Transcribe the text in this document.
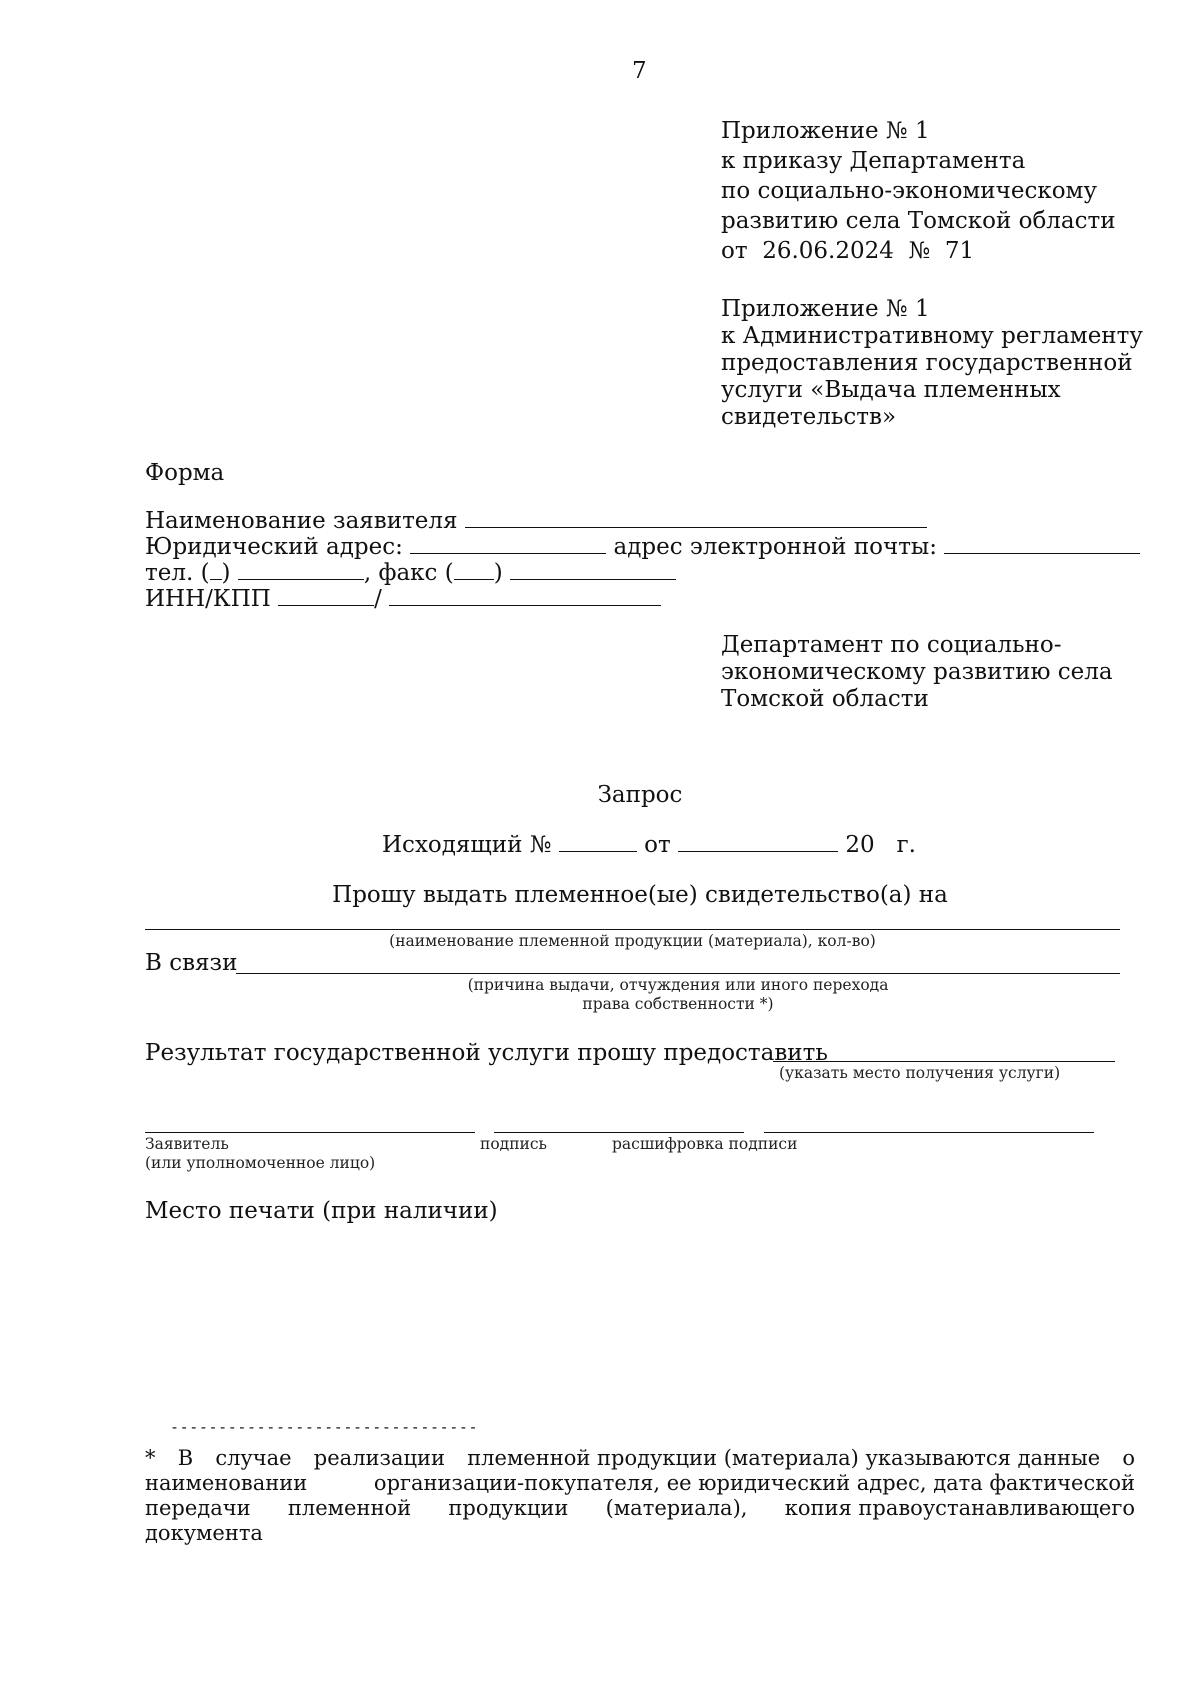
7
Приложение № 1
к приказу Департамента
по социально-экономическому
развитию села Томской области
от 26.06.2024 № 71
Приложение № 1
к Административному регламенту
предоставления государственной
услуги «Выдача племенных
свидетельств»
Форма
Наименование заявителя
Юридический адрес:	адрес электронной почты:
тел. ( )	, факс ( )
ИНН/КПП	/
Департамент по социально-
экономическому развитию села
Томской области
Запрос
Исходящий №	от	20 г.
Прошу выдать племенное(ые) свидетельство(а) на
(наименование племенной продукции (материала), кол-во)
В связи
(причина выдачи, отчуждения или иного перехода
права собственности *)
Результат государственной услуги прошу предоставить
(указать место получения услуги)
Заявитель
(или уполномоченное лицо)
подпись	расшифровка подписи
Место печати (при наличии)
--------------------------------
* В случае реализации племенной продукции (материала) указываются данные о
наименовании	организации-покупателя, ее юридический адрес, дата фактической
передачи племенной продукции (материала), копия правоустанавливающего
документа
